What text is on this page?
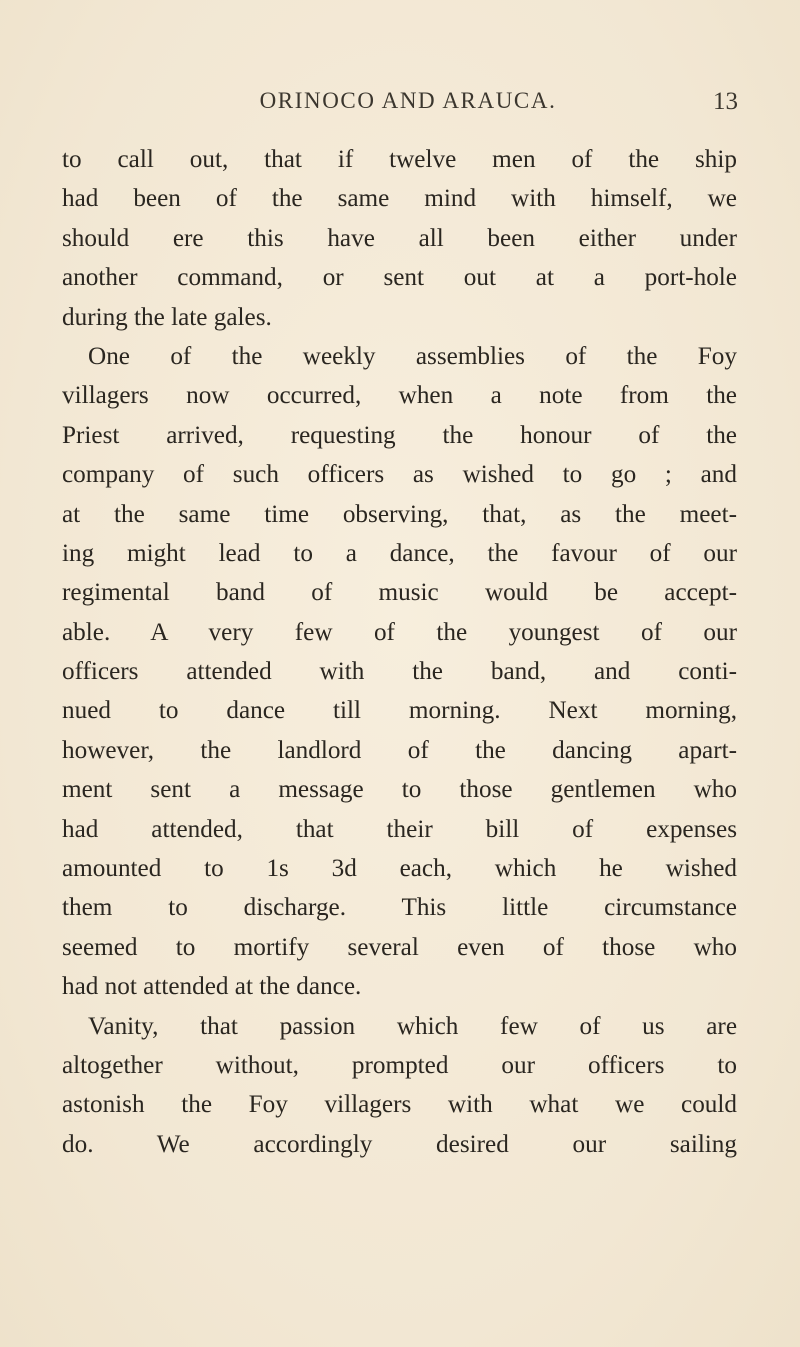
ORINOCO AND ARAUCA.	13
to call out, that if twelve men of the ship
had been of the same mind with himself, we
should ere this have all been either under
another command, or sent out at a port-hole
during the late gales.
One of the weekly assemblies of the Foy
villagers now occurred, when a note from the
Priest arrived, requesting the honour of the
company of such officers as wished to go ; and
at the same time observing, that, as the meet-
ing might lead to a dance, the favour of our
regimental band of music would be accept-
able. A very few of the youngest of our
officers attended with the band, and conti-
nued to dance till morning. Next morning,
however, the landlord of the dancing apart-
ment sent a message to those gentlemen who
had attended, that their bill of expenses
amounted to 1s 3d each, which he wished
them to discharge. This little circumstance
seemed to mortify several even of those who
had not attended at the dance.
Vanity, that passion which few of us are
altogether without, prompted our officers to
astonish the Foy villagers with what we could
do. We accordingly desired our sailing
